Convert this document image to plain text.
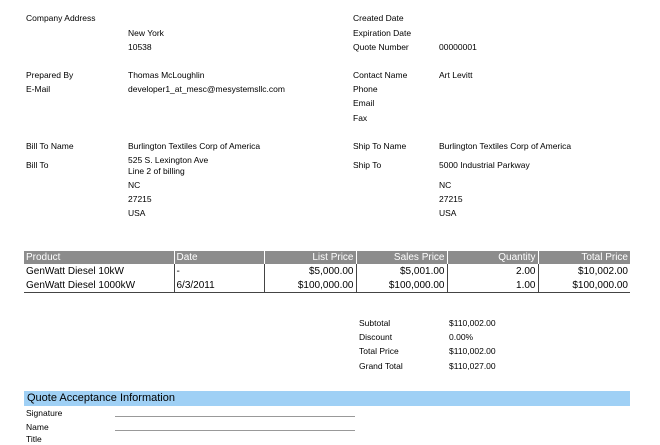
Company Address
New York
10538
Created Date
Expiration Date
Quote Number	00000001
Prepared By	Thomas McLoughlin
E-Mail	developer1_at_mesc@mesystemsllc.com
Contact Name	Art Levitt
Phone
Email
Fax
Bill To Name	Burlington Textiles Corp of America
Bill To	525 S. Lexington Ave
Line 2 of billing
NC
27215
USA
Ship To Name	Burlington Textiles Corp of America
Ship To	5000 Industrial Parkway
NC
27215
USA
Product	Date	List Price	Sales Price	Quantity	Total Price
GenWatt Diesel 10kW	-	$5,000.00	$5,001.00	2.00	$10,002.00
GenWatt Diesel 1000kW	6/3/2011	$100,000.00	$100,000.00	1.00	$100,000.00
Subtotal	$110,002.00
Discount	0.00%
Total Price	$110,002.00
Grand Total	$110,027.00
Quote Acceptance Information
Signature
Name
Title
